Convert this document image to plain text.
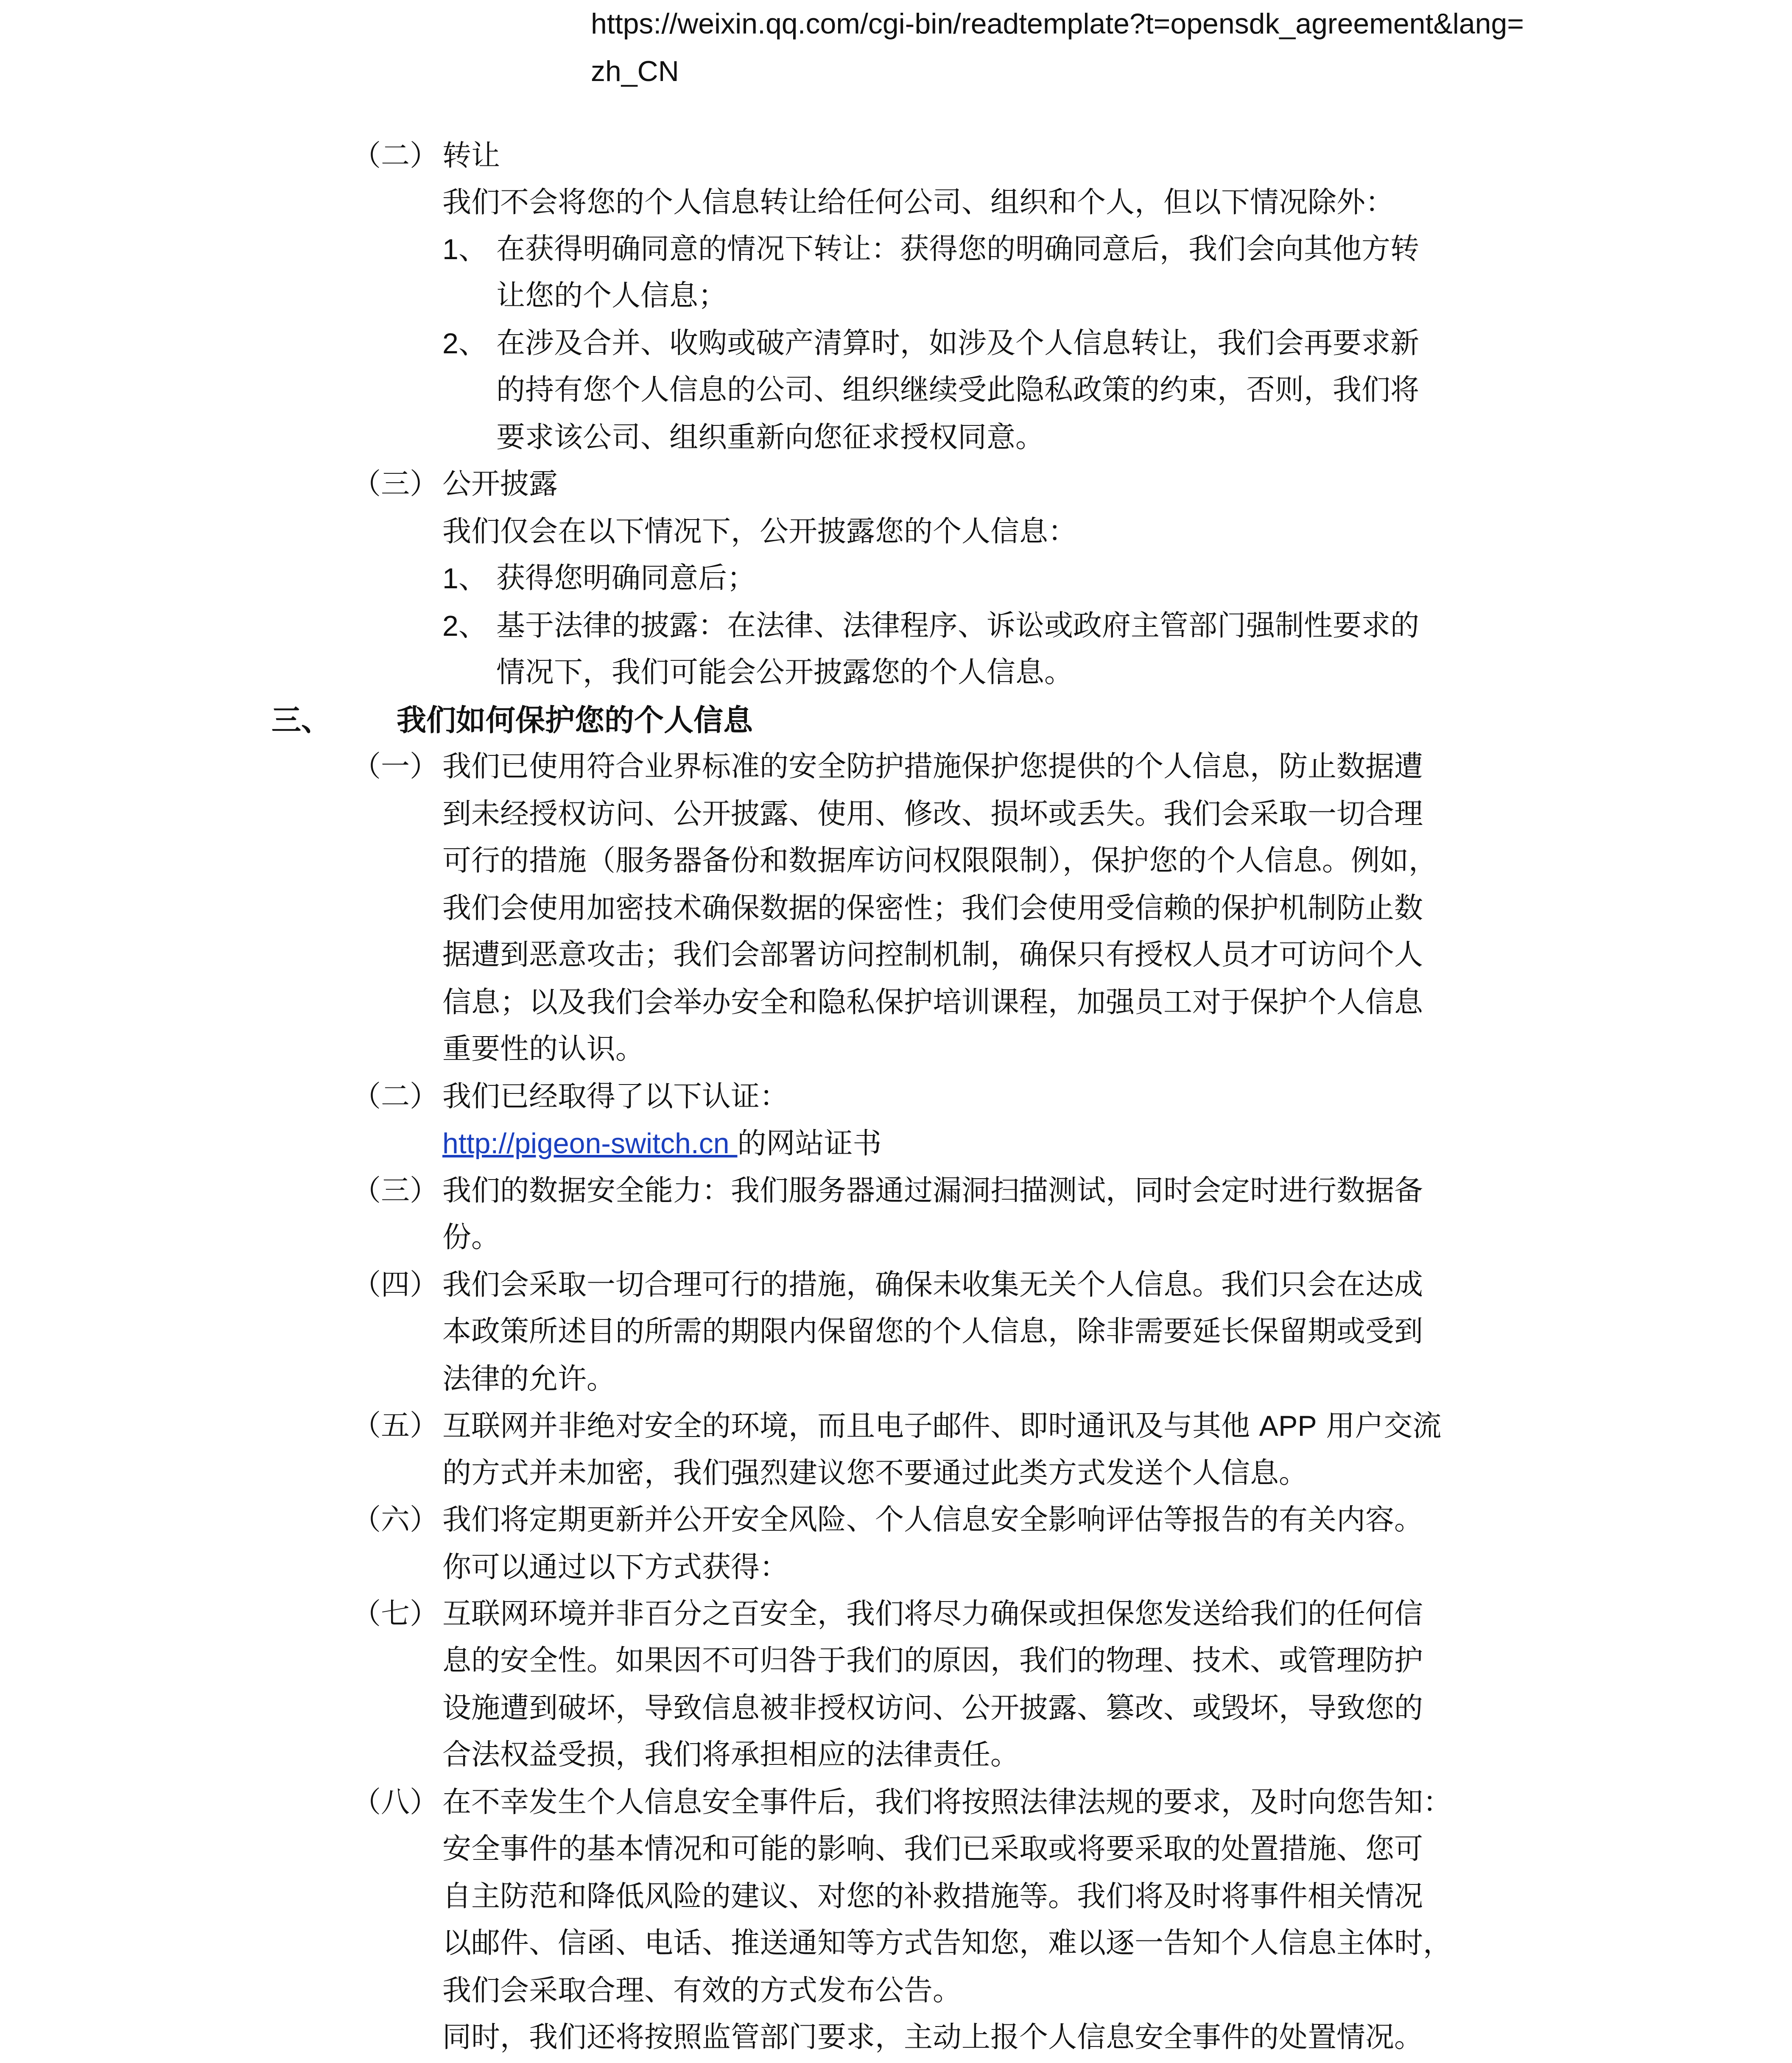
https://weixin.qq.com/cgi-bin/readtemplate?t=opensdk_agreement&lang=zh_CN
（二） 转让
我们不会将您的个人信息转让给任何公司、组织和个人，但以下情况除外：
1、 在获得明确同意的情况下转让：获得您的明确同意后，我们会向其他方转
让您的个人信息；
2、 在涉及合并、收购或破产清算时，如涉及个人信息转让，我们会再要求新
的持有您个人信息的公司、组织继续受此隐私政策的约束，否则，我们将
要求该公司、组织重新向您征求授权同意。
（三） 公开披露
我们仅会在以下情况下，公开披露您的个人信息：
1、 获得您明确同意后；
2、 基于法律的披露：在法律、法律程序、诉讼或政府主管部门强制性要求的
情况下，我们可能会公开披露您的个人信息。
三、 我们如何保护您的个人信息
（一） 我们已使用符合业界标准的安全防护措施保护您提供的个人信息，防止数据遭
到未经授权访问、公开披露、使用、修改、损坏或丢失。我们会采取一切合理
可行的措施（服务器备份和数据库访问权限限制），保护您的个人信息。例如，
我们会使用加密技术确保数据的保密性；我们会使用受信赖的保护机制防止数
据遭到恶意攻击；我们会部署访问控制机制，确保只有授权人员才可访问个人
信息；以及我们会举办安全和隐私保护培训课程，加强员工对于保护个人信息
重要性的认识。
（二） 我们已经取得了以下认证：
http://pigeon-switch.cn 的网站证书
（三） 我们的数据安全能力：我们服务器通过漏洞扫描测试，同时会定时进行数据备
份。
（四） 我们会采取一切合理可行的措施，确保未收集无关个人信息。我们只会在达成
本政策所述目的所需的期限内保留您的个人信息，除非需要延长保留期或受到
法律的允许。
（五） 互联网并非绝对安全的环境，而且电子邮件、即时通讯及与其他 APP 用户交流
的方式并未加密，我们强烈建议您不要通过此类方式发送个人信息。
（六） 我们将定期更新并公开安全风险、个人信息安全影响评估等报告的有关内容。
你可以通过以下方式获得：
（七） 互联网环境并非百分之百安全，我们将尽力确保或担保您发送给我们的任何信
息的安全性。如果因不可归咎于我们的原因，我们的物理、技术、或管理防护
设施遭到破坏，导致信息被非授权访问、公开披露、篡改、或毁坏，导致您的
合法权益受损，我们将承担相应的法律责任。
（八） 在不幸发生个人信息安全事件后，我们将按照法律法规的要求，及时向您告知：
安全事件的基本情况和可能的影响、我们已采取或将要采取的处置措施、您可
自主防范和降低风险的建议、对您的补救措施等。我们将及时将事件相关情况
以邮件、信函、电话、推送通知等方式告知您，难以逐一告知个人信息主体时，
我们会采取合理、有效的方式发布公告。
同时，我们还将按照监管部门要求，主动上报个人信息安全事件的处置情况。
